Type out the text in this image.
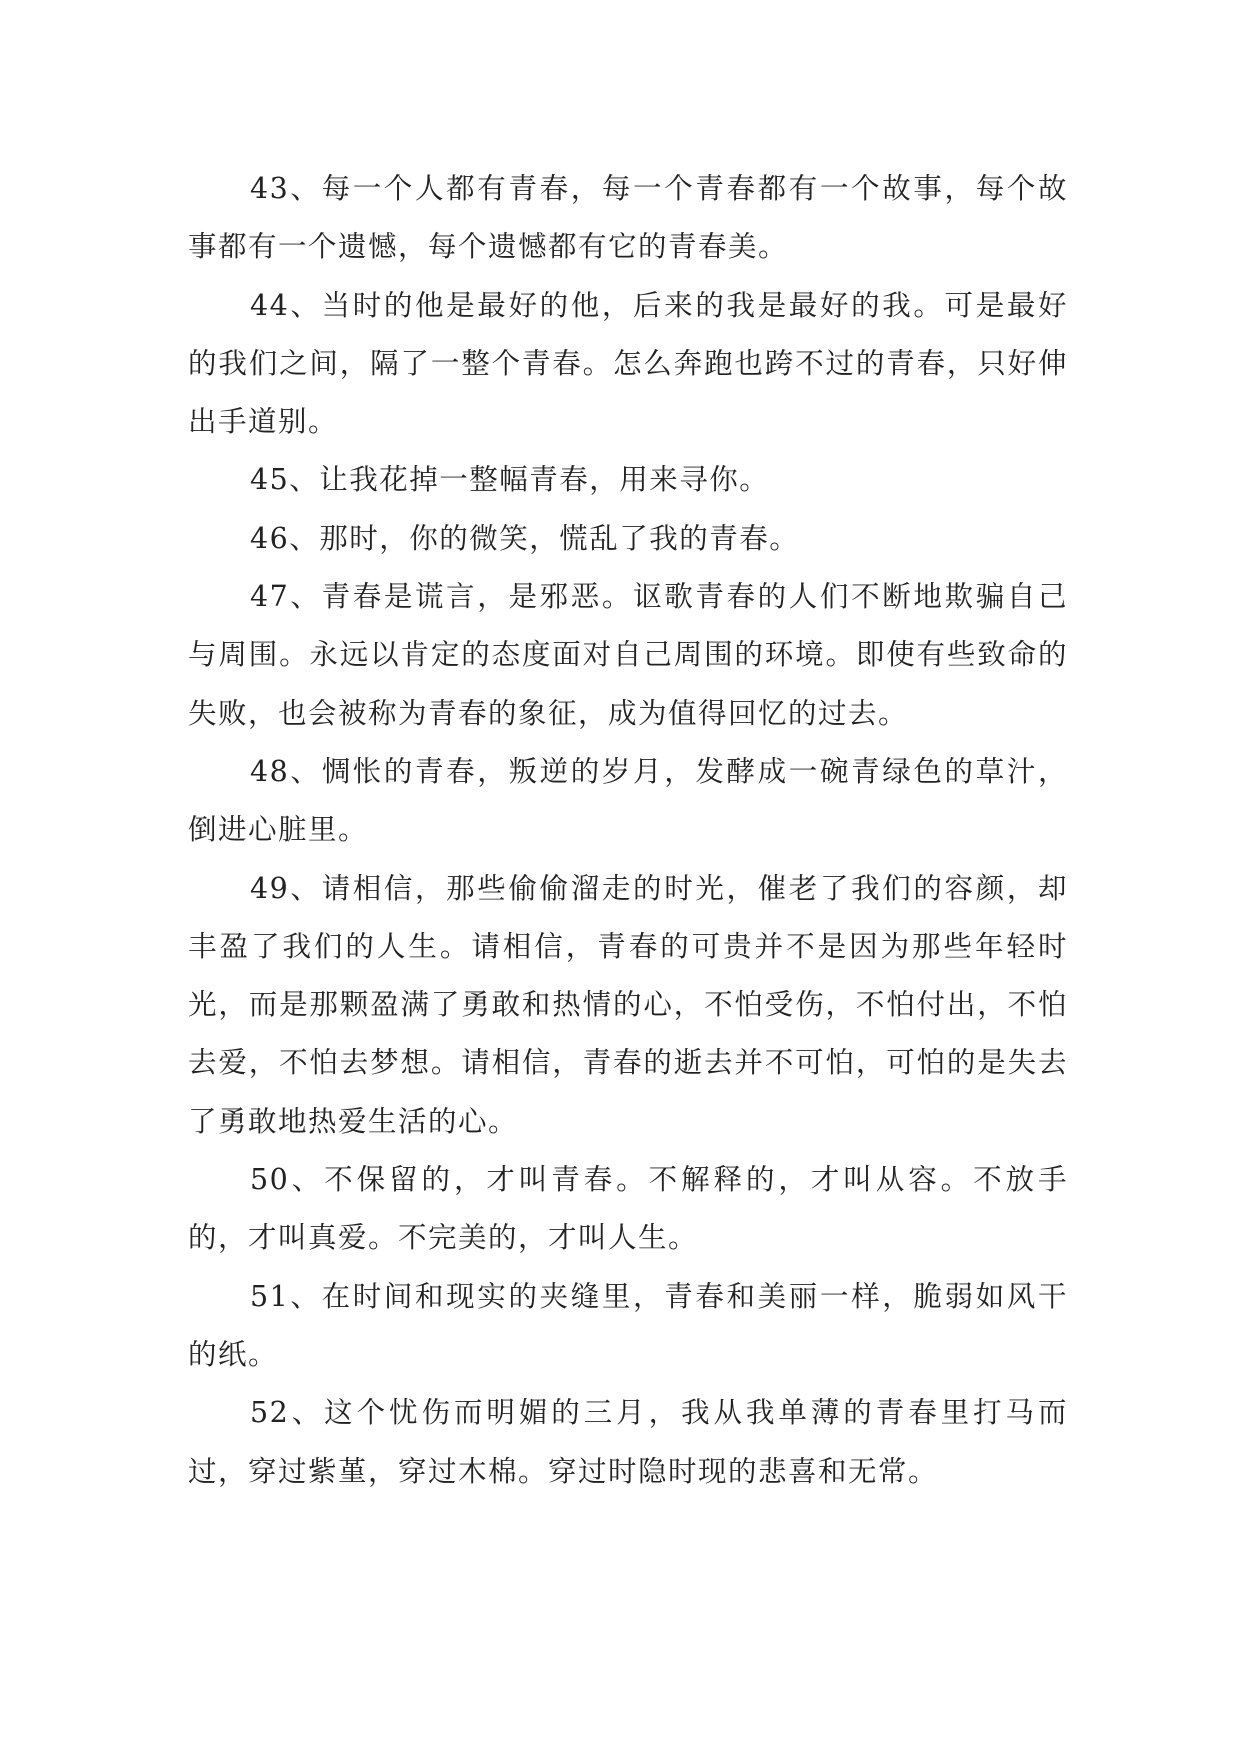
43、每一个人都有青春，每一个青春都有一个故事，每个故事都有一个遗憾，每个遗憾都有它的青春美。

44、当时的他是最好的他，后来的我是最好的我。可是最好的我们之间，隔了一整个青春。怎么奔跑也跨不过的青春，只好伸出手道别。

45、让我花掉一整幅青春，用来寻你。

46、那时，你的微笑，慌乱了我的青春。

47、青春是谎言，是邪恶。讴歌青春的人们不断地欺骗自己与周围。永远以肯定的态度面对自己周围的环境。即使有些致命的失败，也会被称为青春的象征，成为值得回忆的过去。

48、惆怅的青春，叛逆的岁月，发酵成一碗青绿色的草汁，倒进心脏里。

49、请相信，那些偷偷溜走的时光，催老了我们的容颜，却丰盈了我们的人生。请相信，青春的可贵并不是因为那些年轻时光，而是那颗盈满了勇敢和热情的心，不怕受伤，不怕付出，不怕去爱，不怕去梦想。请相信，青春的逝去并不可怕，可怕的是失去了勇敢地热爱生活的心。

50、不保留的，才叫青春。不解释的，才叫从容。不放手的，才叫真爱。不完美的，才叫人生。

51、在时间和现实的夹缝里，青春和美丽一样，脆弱如风干的纸。

52、这个忧伤而明媚的三月，我从我单薄的青春里打马而过，穿过紫堇，穿过木棉。穿过时隐时现的悲喜和无常。
